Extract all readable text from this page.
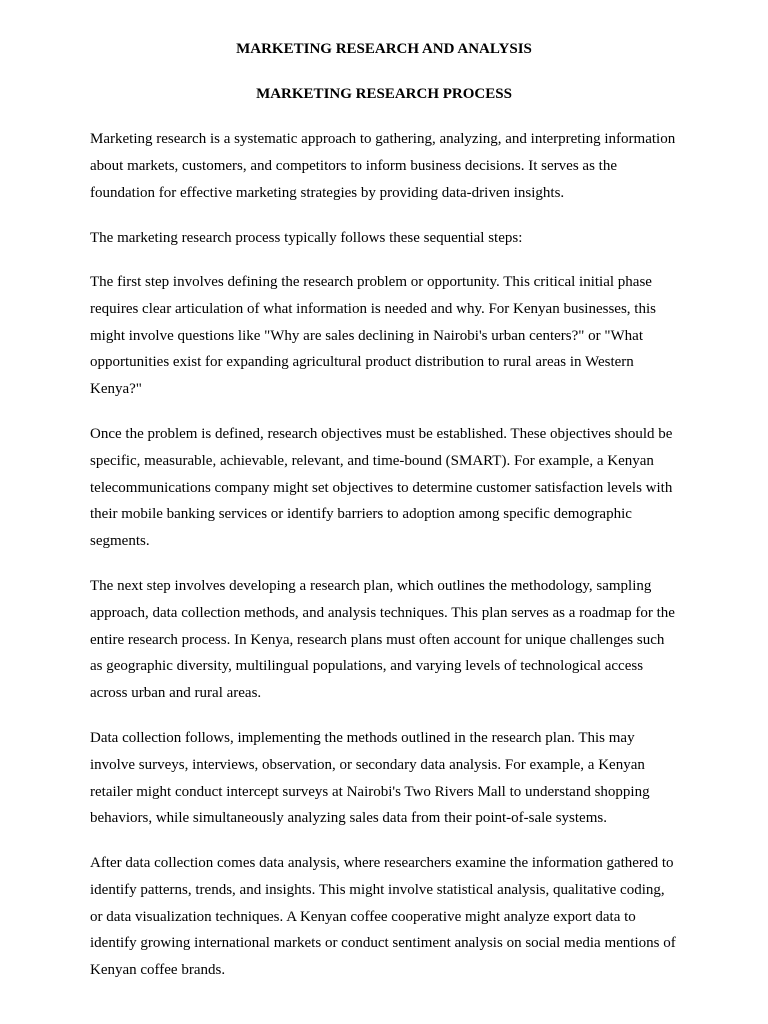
MARKETING RESEARCH AND ANALYSIS
MARKETING RESEARCH PROCESS

Marketing research is a systematic approach to gathering, analyzing, and interpreting information about markets, customers, and competitors to inform business decisions. It serves as the foundation for effective marketing strategies by providing data-driven insights.

The marketing research process typically follows these sequential steps:

The first step involves defining the research problem or opportunity. This critical initial phase requires clear articulation of what information is needed and why. For Kenyan businesses, this might involve questions like "Why are sales declining in Nairobi's urban centers?" or "What opportunities exist for expanding agricultural product distribution to rural areas in Western Kenya?"

Once the problem is defined, research objectives must be established. These objectives should be specific, measurable, achievable, relevant, and time-bound (SMART). For example, a Kenyan telecommunications company might set objectives to determine customer satisfaction levels with their mobile banking services or identify barriers to adoption among specific demographic segments.

The next step involves developing a research plan, which outlines the methodology, sampling approach, data collection methods, and analysis techniques. This plan serves as a roadmap for the entire research process. In Kenya, research plans must often account for unique challenges such as geographic diversity, multilingual populations, and varying levels of technological access across urban and rural areas.

Data collection follows, implementing the methods outlined in the research plan. This may involve surveys, interviews, observation, or secondary data analysis. For example, a Kenyan retailer might conduct intercept surveys at Nairobi's Two Rivers Mall to understand shopping behaviors, while simultaneously analyzing sales data from their point-of-sale systems.

After data collection comes data analysis, where researchers examine the information gathered to identify patterns, trends, and insights. This might involve statistical analysis, qualitative coding, or data visualization techniques. A Kenyan coffee cooperative might analyze export data to identify growing international markets or conduct sentiment analysis on social media mentions of Kenyan coffee brands.
